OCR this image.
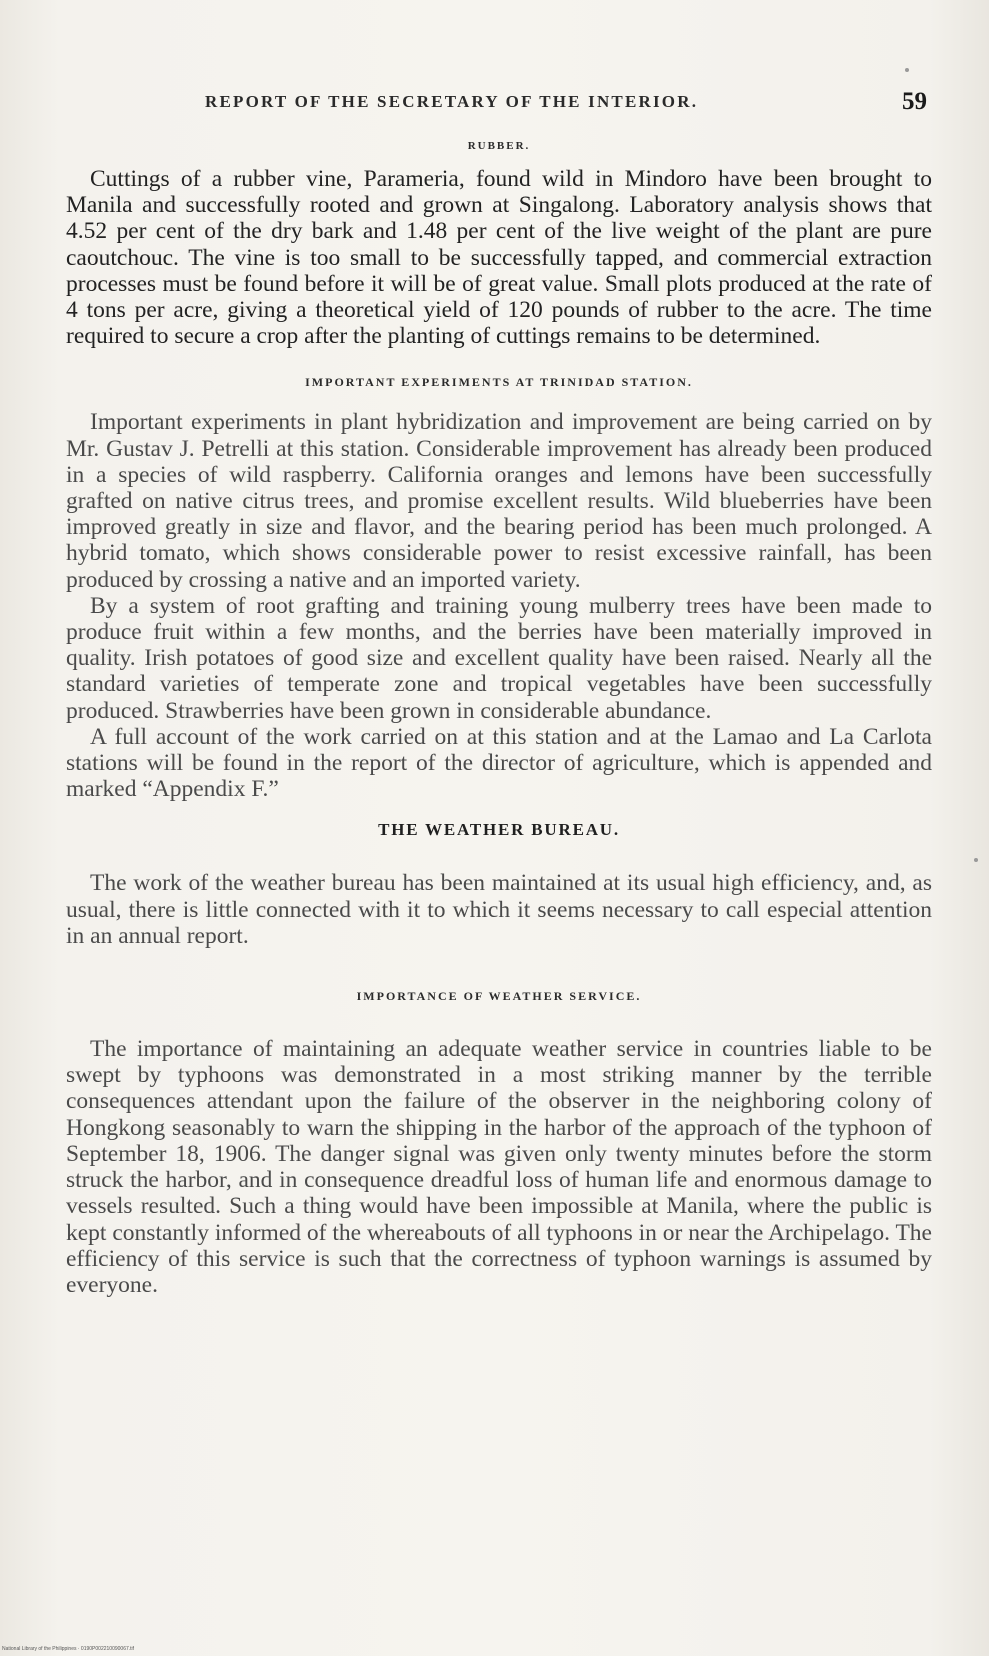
REPORT OF THE SECRETARY OF THE INTERIOR.	59
RUBBER.

Cuttings of a rubber vine, Parameria, found wild in Mindoro have been brought to Manila and successfully rooted and grown at Singalong. Laboratory analysis shows that 4.52 per cent of the dry bark and 1.48 per cent of the live weight of the plant are pure caoutchouc. The vine is too small to be successfully tapped, and commercial extraction processes must be found before it will be of great value. Small plots produced at the rate of 4 tons per acre, giving a theoretical yield of 120 pounds of rubber to the acre. The time required to secure a crop after the planting of cuttings remains to be determined.

IMPORTANT EXPERIMENTS AT TRINIDAD STATION.

Important experiments in plant hybridization and improvement are being carried on by Mr. Gustav J. Petrelli at this station. Considerable improvement has already been produced in a species of wild raspberry. California oranges and lemons have been successfully grafted on native citrus trees, and promise excellent results. Wild blueberries have been improved greatly in size and flavor, and the bearing period has been much prolonged. A hybrid tomato, which shows considerable power to resist excessive rainfall, has been produced by crossing a native and an imported variety.

By a system of root grafting and training young mulberry trees have been made to produce fruit within a few months, and the berries have been materially improved in quality. Irish potatoes of good size and excellent quality have been raised. Nearly all the standard varieties of temperate zone and tropical vegetables have been successfully produced. Strawberries have been grown in considerable abundance.

A full account of the work carried on at this station and at the Lamao and La Carlota stations will be found in the report of the director of agriculture, which is appended and marked “Appendix F.”

THE WEATHER BUREAU.

The work of the weather bureau has been maintained at its usual high efficiency, and, as usual, there is little connected with it to which it seems necessary to call especial attention in an annual report.

IMPORTANCE OF WEATHER SERVICE.

The importance of maintaining an adequate weather service in countries liable to be swept by typhoons was demonstrated in a most striking manner by the terrible consequences attendant upon the failure of the observer in the neighboring colony of Hongkong seasonably to warn the shipping in the harbor of the approach of the typhoon of September 18, 1906. The danger signal was given only twenty minutes before the storm struck the harbor, and in consequence dreadful loss of human life and enormous damage to vessels resulted. Such a thing would have been impossible at Manila, where the public is kept constantly informed of the whereabouts of all typhoons in or near the Archipelago. The efficiency of this service is such that the correctness of typhoon warnings is assumed by everyone.

National Library of the Philippines · 0190P002210090067.tif
